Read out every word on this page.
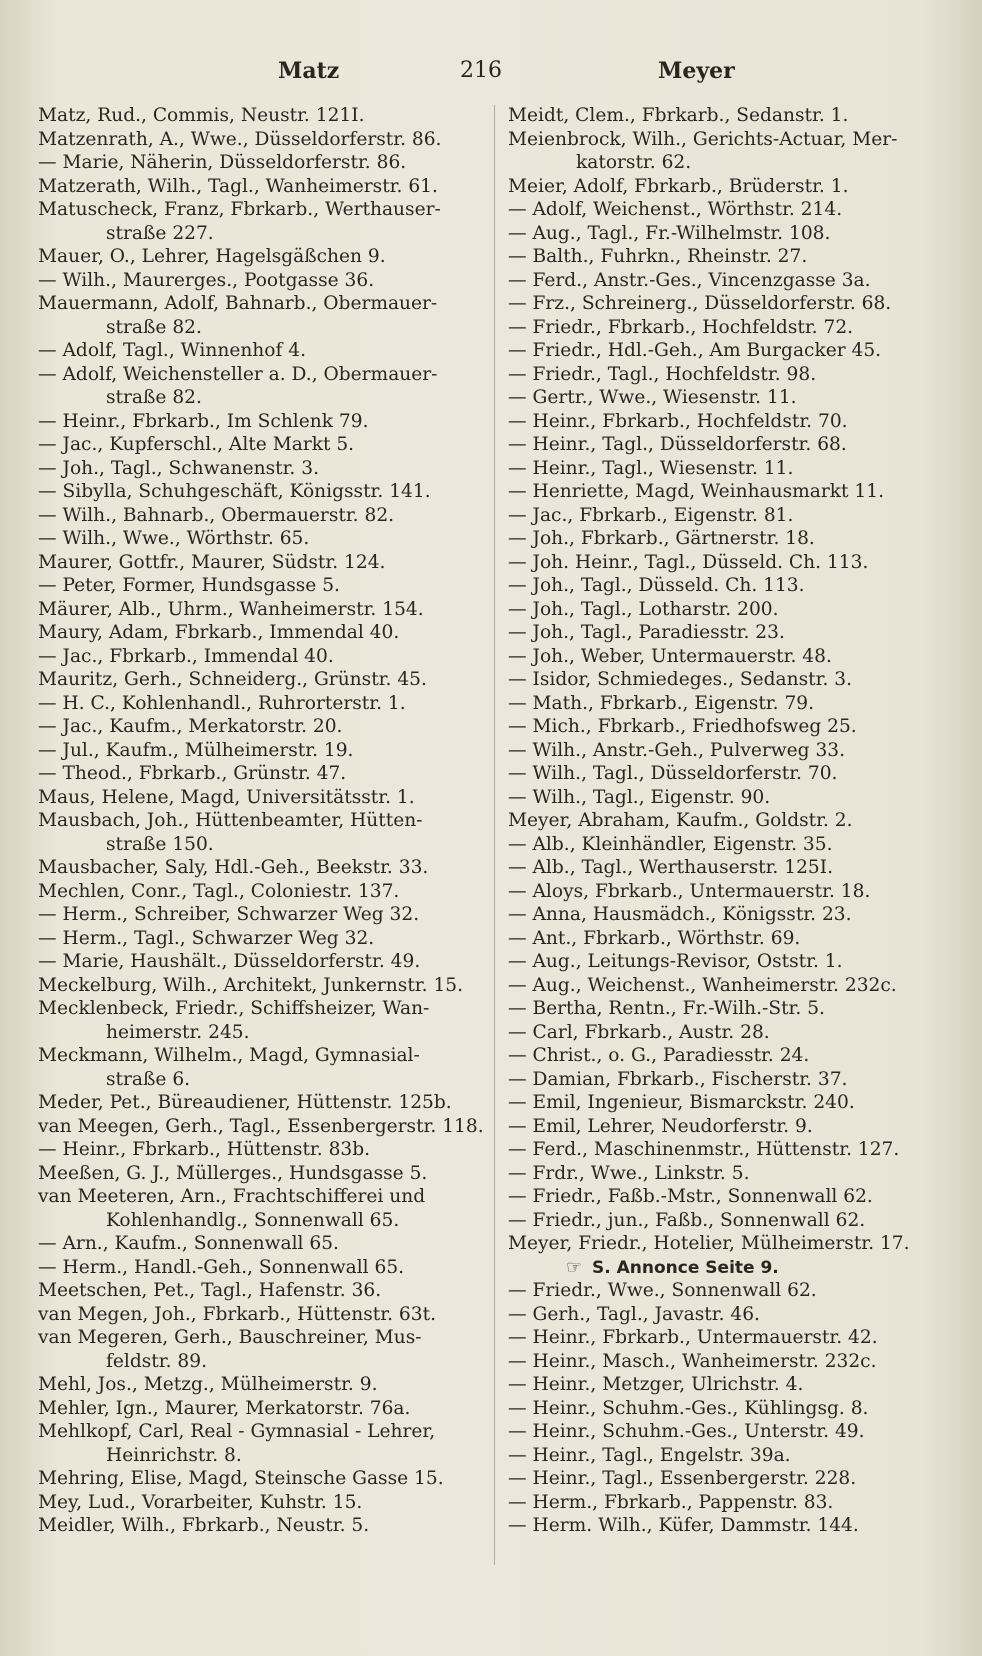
Matz	216	Meyer
Matz, Rud., Commis, Neustr. 121I.
Matzenrath, A., Wwe., Düsseldorferstr. 86.
— Marie, Näherin, Düsseldorferstr. 86.
Matzerath, Wilh., Tagl., Wanheimerstr. 61.
Matuscheck, Franz, Fbrkarb., Werthauser-
straße 227.
Mauer, O., Lehrer, Hagelsgäßchen 9.
— Wilh., Maurerges., Pootgasse 36.
Mauermann, Adolf, Bahnarb., Obermauer-
straße 82.
— Adolf, Tagl., Winnenhof 4.
— Adolf, Weichensteller a. D., Obermauer-
straße 82.
— Heinr., Fbrkarb., Im Schlenk 79.
— Jac., Kupferschl., Alte Markt 5.
— Joh., Tagl., Schwanenstr. 3.
— Sibylla, Schuhgeschäft, Königsstr. 141.
— Wilh., Bahnarb., Obermauerstr. 82.
— Wilh., Wwe., Wörthstr. 65.
Maurer, Gottfr., Maurer, Südstr. 124.
— Peter, Former, Hundsgasse 5.
Mäurer, Alb., Uhrm., Wanheimerstr. 154.
Maury, Adam, Fbrkarb., Immendal 40.
— Jac., Fbrkarb., Immendal 40.
Mauritz, Gerh., Schneiderg., Grünstr. 45.
— H. C., Kohlenhandl., Ruhrorterstr. 1.
— Jac., Kaufm., Merkatorstr. 20.
— Jul., Kaufm., Mülheimerstr. 19.
— Theod., Fbrkarb., Grünstr. 47.
Maus, Helene, Magd, Universitätsstr. 1.
Mausbach, Joh., Hüttenbeamter, Hütten-
straße 150.
Mausbacher, Saly, Hdl.-Geh., Beekstr. 33.
Mechlen, Conr., Tagl., Coloniestr. 137.
— Herm., Schreiber, Schwarzer Weg 32.
— Herm., Tagl., Schwarzer Weg 32.
— Marie, Haushält., Düsseldorferstr. 49.
Meckelburg, Wilh., Architekt, Junkernstr. 15.
Mecklenbeck, Friedr., Schiffsheizer, Wan-
heimerstr. 245.
Meckmann, Wilhelm., Magd, Gymnasial-
straße 6.
Meder, Pet., Büreaudiener, Hüttenstr. 125b.
van Meegen, Gerh., Tagl., Essenbergerstr. 118.
— Heinr., Fbrkarb., Hüttenstr. 83b.
Meeßen, G. J., Müllerges., Hundsgasse 5.
van Meeteren, Arn., Frachtschifferei und
Kohlenhandlg., Sonnenwall 65.
— Arn., Kaufm., Sonnenwall 65.
— Herm., Handl.-Geh., Sonnenwall 65.
Meetschen, Pet., Tagl., Hafenstr. 36.
van Megen, Joh., Fbrkarb., Hüttenstr. 63t.
van Megeren, Gerh., Bauschreiner, Mus-
feldstr. 89.
Mehl, Jos., Metzg., Mülheimerstr. 9.
Mehler, Ign., Maurer, Merkatorstr. 76a.
Mehlkopf, Carl, Real - Gymnasial - Lehrer,
Heinrichstr. 8.
Mehring, Elise, Magd, Steinsche Gasse 15.
Mey, Lud., Vorarbeiter, Kuhstr. 15.
Meidler, Wilh., Fbrkarb., Neustr. 5.
Meidt, Clem., Fbrkarb., Sedanstr. 1.
Meienbrock, Wilh., Gerichts-Actuar, Mer-
katorstr. 62.
Meier, Adolf, Fbrkarb., Brüderstr. 1.
— Adolf, Weichenst., Wörthstr. 214.
— Aug., Tagl., Fr.-Wilhelmstr. 108.
— Balth., Fuhrkn., Rheinstr. 27.
— Ferd., Anstr.-Ges., Vincenzgasse 3a.
— Frz., Schreinerg., Düsseldorferstr. 68.
— Friedr., Fbrkarb., Hochfeldstr. 72.
— Friedr., Hdl.-Geh., Am Burgacker 45.
— Friedr., Tagl., Hochfeldstr. 98.
— Gertr., Wwe., Wiesenstr. 11.
— Heinr., Fbrkarb., Hochfeldstr. 70.
— Heinr., Tagl., Düsseldorferstr. 68.
— Heinr., Tagl., Wiesenstr. 11.
— Henriette, Magd, Weinhausmarkt 11.
— Jac., Fbrkarb., Eigenstr. 81.
— Joh., Fbrkarb., Gärtnerstr. 18.
— Joh. Heinr., Tagl., Düsseld. Ch. 113.
— Joh., Tagl., Düsseld. Ch. 113.
— Joh., Tagl., Lotharstr. 200.
— Joh., Tagl., Paradiesstr. 23.
— Joh., Weber, Untermauerstr. 48.
— Isidor, Schmiedeges., Sedanstr. 3.
— Math., Fbrkarb., Eigenstr. 79.
— Mich., Fbrkarb., Friedhofsweg 25.
— Wilh., Anstr.-Geh., Pulverweg 33.
— Wilh., Tagl., Düsseldorferstr. 70.
— Wilh., Tagl., Eigenstr. 90.
Meyer, Abraham, Kaufm., Goldstr. 2.
— Alb., Kleinhändler, Eigenstr. 35.
— Alb., Tagl., Werthauserstr. 125I.
— Aloys, Fbrkarb., Untermauerstr. 18.
— Anna, Hausmädch., Königsstr. 23.
— Ant., Fbrkarb., Wörthstr. 69.
— Aug., Leitungs-Revisor, Oststr. 1.
— Aug., Weichenst., Wanheimerstr. 232c.
— Bertha, Rentn., Fr.-Wilh.-Str. 5.
— Carl, Fbrkarb., Austr. 28.
— Christ., o. G., Paradiesstr. 24.
— Damian, Fbrkarb., Fischerstr. 37.
— Emil, Ingenieur, Bismarckstr. 240.
— Emil, Lehrer, Neudorferstr. 9.
— Ferd., Maschinenmstr., Hüttenstr. 127.
— Frdr., Wwe., Linkstr. 5.
— Friedr., Faßb.-Mstr., Sonnenwall 62.
— Friedr., jun., Faßb., Sonnenwall 62.
Meyer, Friedr., Hotelier, Mülheimerstr. 17.
☞ S. Annonce Seite 9.
— Friedr., Wwe., Sonnenwall 62.
— Gerh., Tagl., Javastr. 46.
— Heinr., Fbrkarb., Untermauerstr. 42.
— Heinr., Masch., Wanheimerstr. 232c.
— Heinr., Metzger, Ulrichstr. 4.
— Heinr., Schuhm.-Ges., Kühlingsg. 8.
— Heinr., Schuhm.-Ges., Unterstr. 49.
— Heinr., Tagl., Engelstr. 39a.
— Heinr., Tagl., Essenbergerstr. 228.
— Herm., Fbrkarb., Pappenstr. 83.
— Herm. Wilh., Küfer, Dammstr. 144.
